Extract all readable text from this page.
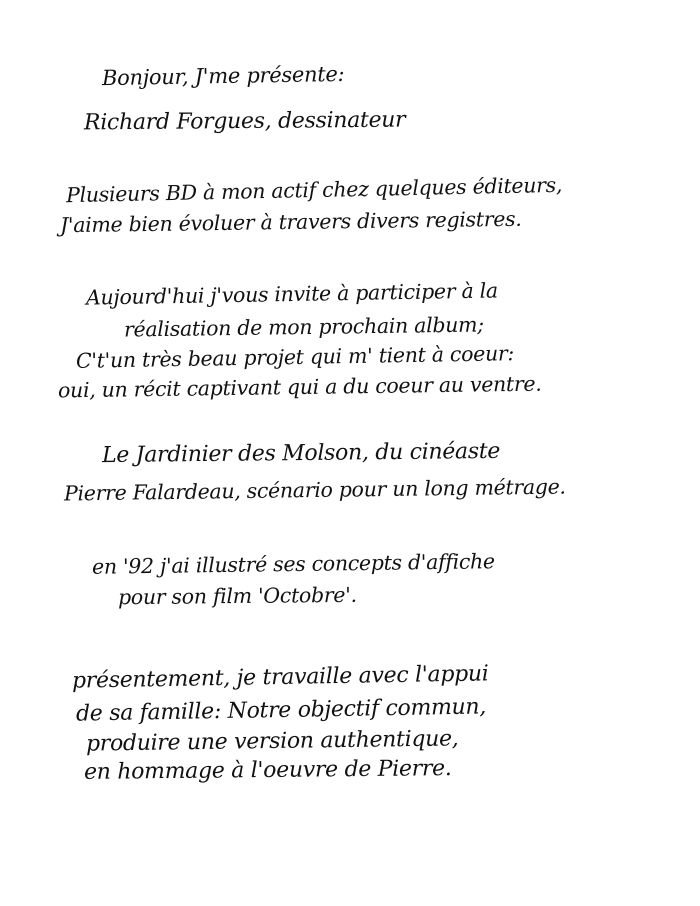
Bonjour, J'me présente:
Richard Forgues, dessinateur
Plusieurs BD à mon actif chez quelques éditeurs,
J'aime bien évoluer à travers divers registres.
Aujourd'hui j'vous invite à participer à la
réalisation de mon prochain album;
C't'un très beau projet qui m' tient à coeur:
oui, un récit captivant qui a du coeur au ventre.
Le Jardinier des Molson, du cinéaste
Pierre Falardeau, scénario pour un long métrage.
en '92 j'ai illustré ses concepts d'affiche
pour son film 'Octobre'.
présentement, je travaille avec l'appui
de sa famille: Notre objectif commun,
produire une version authentique,
en hommage à l'oeuvre de Pierre.
